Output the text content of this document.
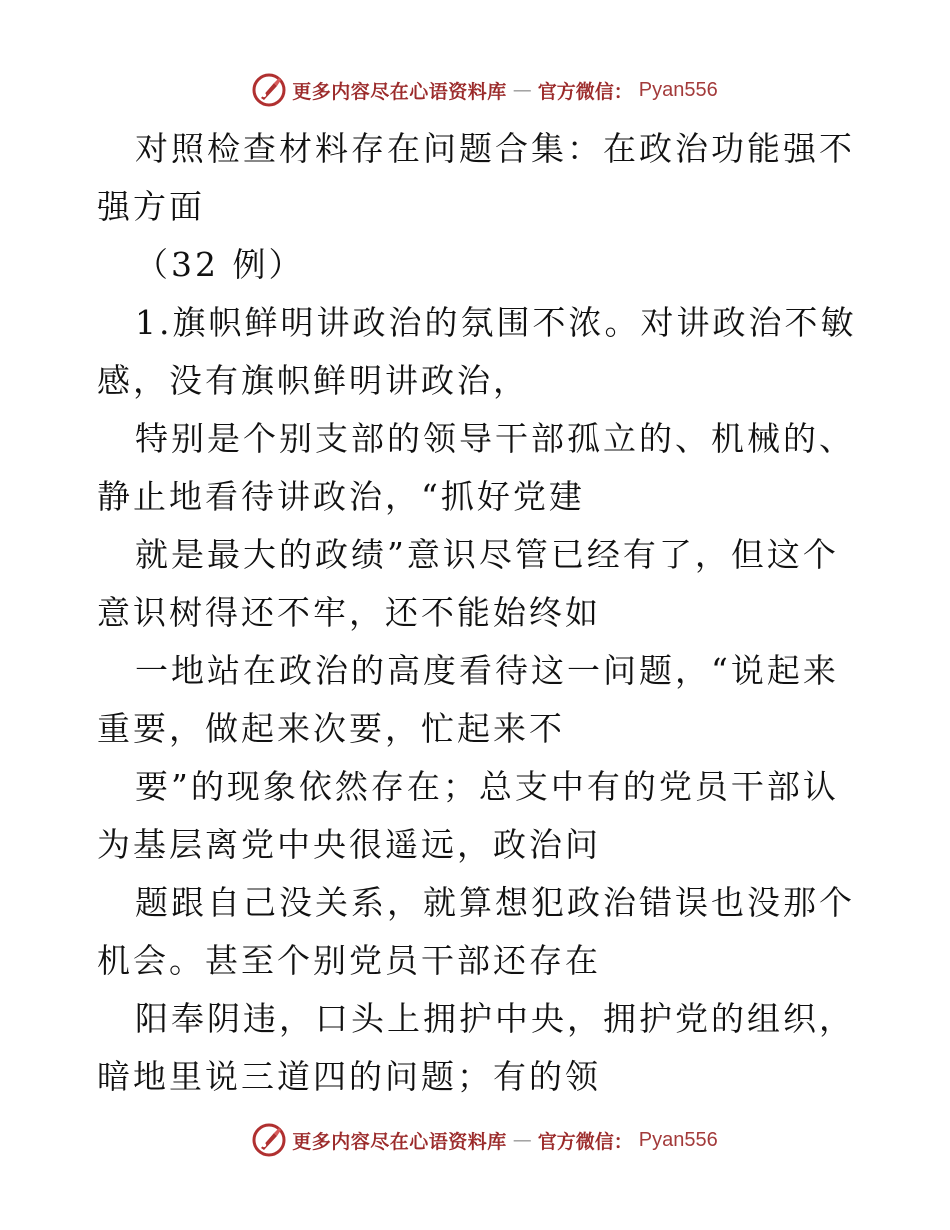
更多内容尽在心语资料库 — 官方微信： Pyan556

对照检查材料存在问题合集：在政治功能强不强方面

（32 例）

1.旗帜鲜明讲政治的氛围不浓。对讲政治不敏感，没有旗帜鲜明讲政治，

特别是个别支部的领导干部孤立的、机械的、静止地看待讲政治，“抓好党建

就是最大的政绩”意识尽管已经有了，但这个意识树得还不牢，还不能始终如

一地站在政治的高度看待这一问题，“说起来重要，做起来次要，忙起来不

要”的现象依然存在；总支中有的党员干部认为基层离党中央很遥远，政治问

题跟自己没关系，就算想犯政治错误也没那个机会。甚至个别党员干部还存在

阳奉阴违，口头上拥护中央，拥护党的组织，暗地里说三道四的问题；有的领

更多内容尽在心语资料库 — 官方微信： Pyan556
